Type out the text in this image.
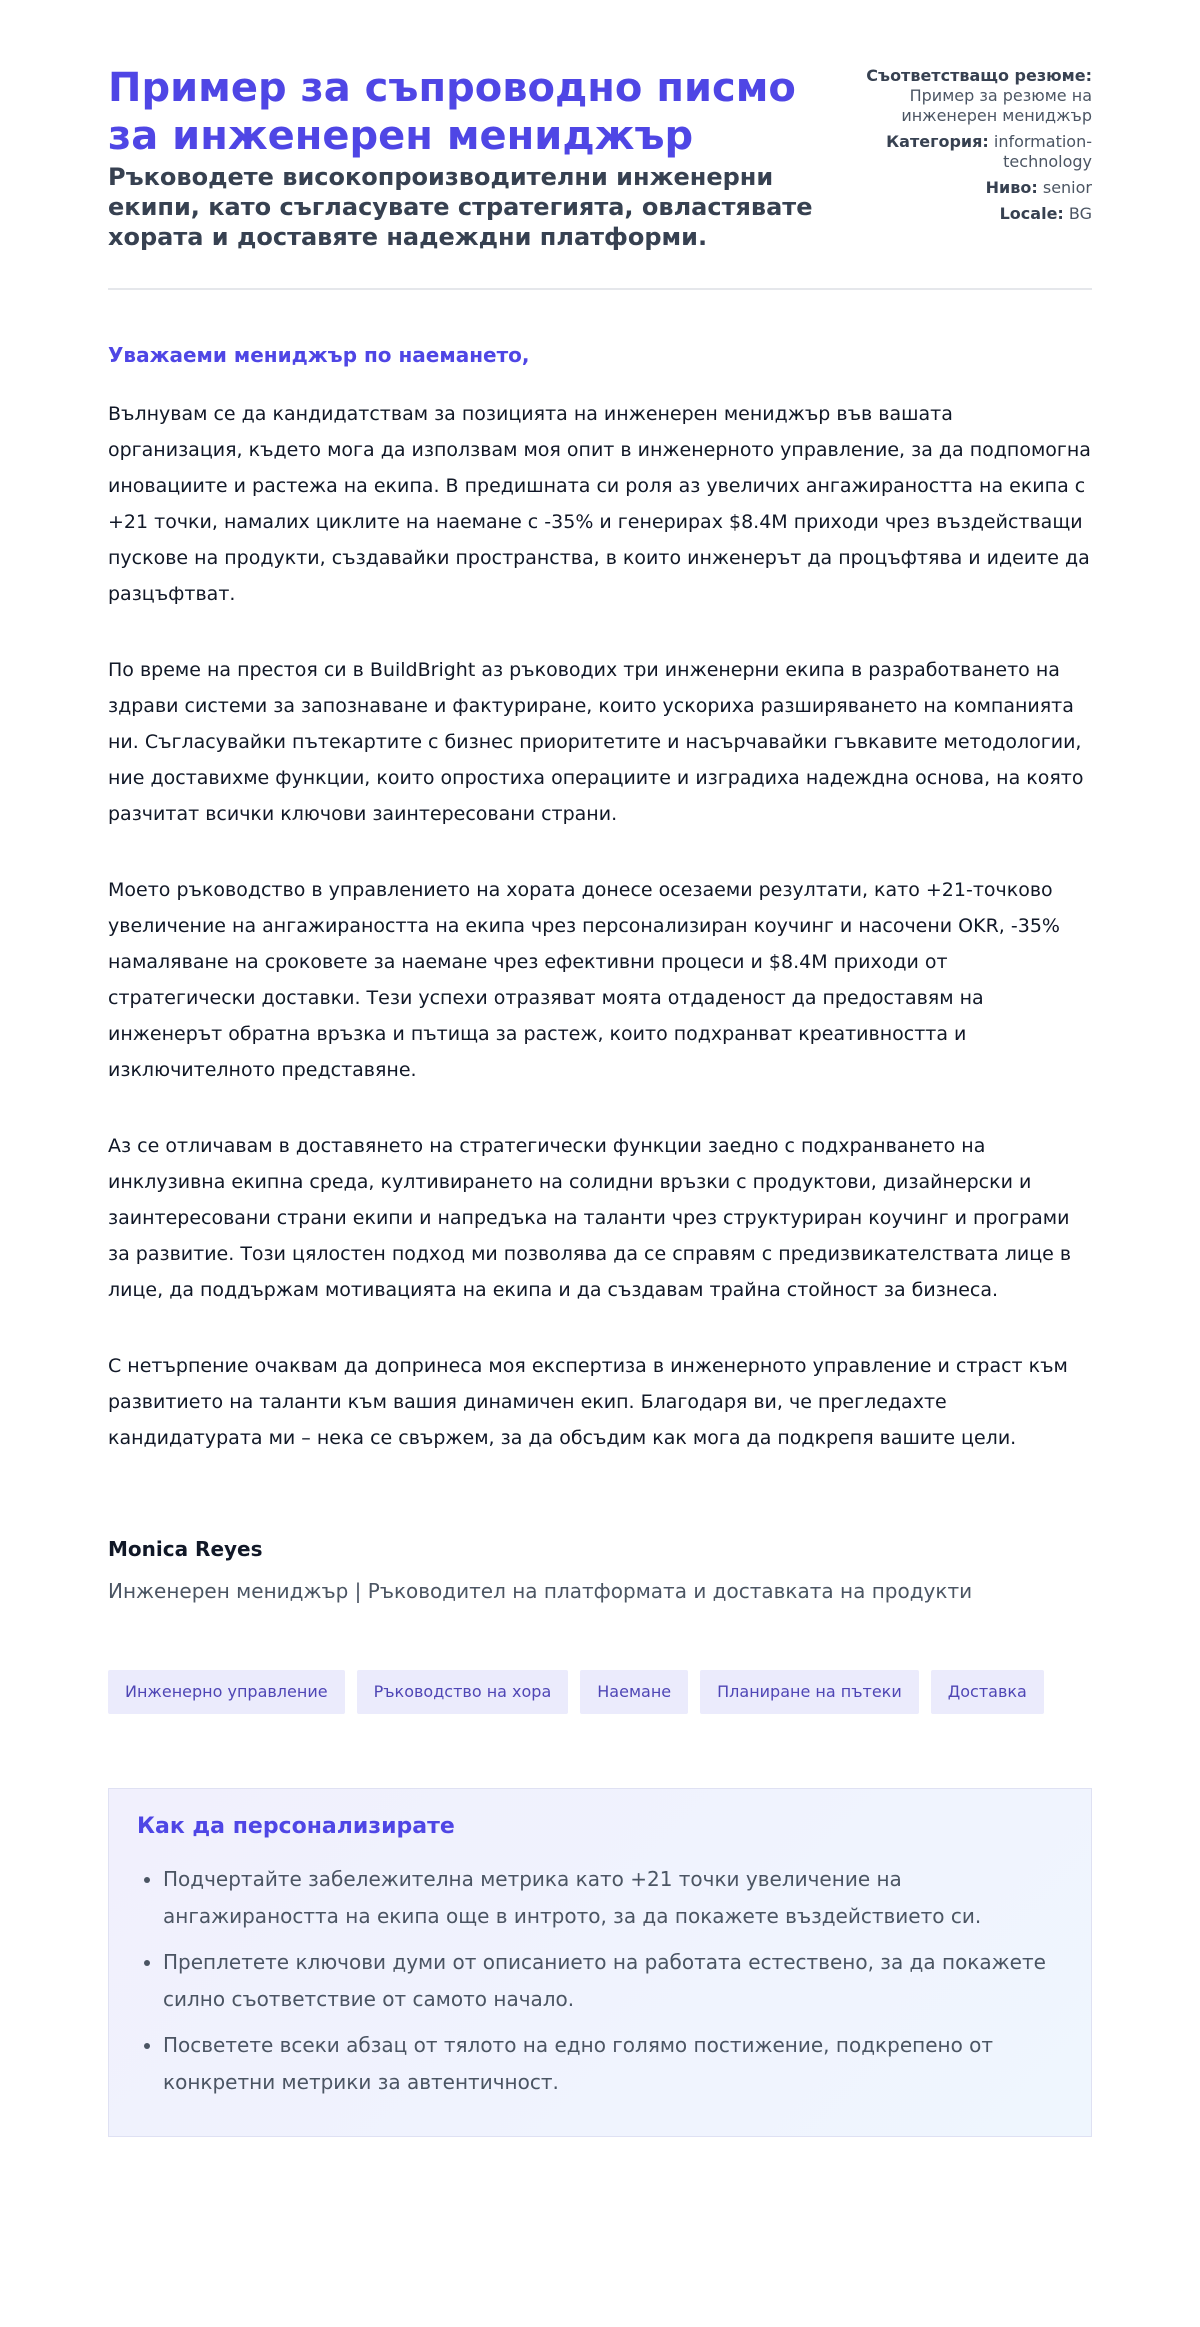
Пример за съпроводно писмо за инженерен мениджър
Ръководете високопроизводителни инженерни екипи, като съгласувате стратегията, овластявате хората и доставяте надеждни платформи.
Съответстващо резюме: Пример за резюме на инженерен мениджър
Категория: information-technology
Ниво: senior
Locale: BG

Уважаеми мениджър по наемането,

Вълнувам се да кандидатствам за позицията на инженерен мениджър във вашата организация, където мога да използвам моя опит в инженерното управление, за да подпомогна иновациите и растежа на екипа. В предишната си роля аз увеличих ангажираността на екипа с +21 точки, намалих циклите на наемане с -35% и генерирах $8.4M приходи чрез въздействащи пускове на продукти, създавайки пространства, в които инженерът да процъфтява и идеите да разцъфтват.

По време на престоя си в BuildBright аз ръководих три инженерни екипа в разработването на здрави системи за запознаване и фактуриране, които ускориха разширяването на компанията ни. Съгласувайки пътекартите с бизнес приоритетите и насърчавайки гъвкавите методологии, ние доставихме функции, които опростиха операциите и изградиха надеждна основа, на която разчитат всички ключови заинтересовани страни.

Моето ръководство в управлението на хората донесе осезаеми резултати, като +21-точково увеличение на ангажираността на екипа чрез персонализиран коучинг и насочени OKR, -35% намаляване на сроковете за наемане чрез ефективни процеси и $8.4M приходи от стратегически доставки. Тези успехи отразяват моята отдаденост да предоставям на инженерът обратна връзка и пътища за растеж, които подхранват креативността и изключителното представяне.

Аз се отличавам в доставянето на стратегически функции заедно с подхранването на инклузивна екипна среда, култивирането на солидни връзки с продуктови, дизайнерски и заинтересовани страни екипи и напредъка на таланти чрез структуриран коучинг и програми за развитие. Този цялостен подход ми позволява да се справям с предизвикателствата лице в лице, да поддържам мотивацията на екипа и да създавам трайна стойност за бизнеса.

С нетърпение очаквам да допринеса моя експертиза в инженерното управление и страст към развитието на таланти към вашия динамичен екип. Благодаря ви, че прегледахте кандидатурата ми – нека се свържем, за да обсъдим как мога да подкрепя вашите цели.

Monica Reyes

Инженерен мениджър | Ръководител на платформата и доставката на продукти

Инженерно управление	Ръководство на хора	Наемане	Планиране на пътеки	Доставка
Как да персонализирате
• Подчертайте забележителна метрика като +21 точки увеличение на ангажираността на екипа още в интрото, за да покажете въздействието си.
• Преплетете ключови думи от описанието на работата естествено, за да покажете силно съответствие от самото начало.
• Посветете всеки абзац от тялото на едно голямо постижение, подкрепено от конкретни метрики за автентичност.
